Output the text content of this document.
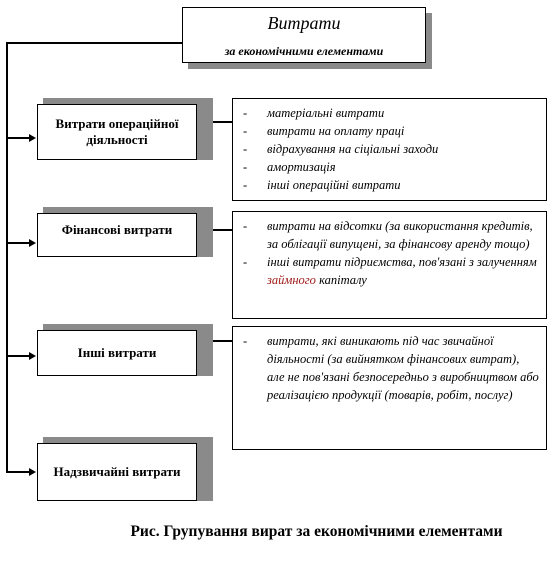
Витрати
за економічними елементами
Витрати операційної діяльності
Фінансові витрати
Інші витрати
Надзвичайні витрати
- матеріальні витрати
- витрати на оплату праці
- відрахування на сіціальні заходи
- амортизація
- інші операційні витрати
- витрати на відсотки (за використання кредитів, за облігації випущені, за фінансову аренду тощо)
- інші витрати підриємства, пов'язані з залученням займного капіталу
- витрати, які виникають під час звичайної діяльності (за вийнятком фінансових витрат), але не пов'язані безпосередньо з виробництвом або реалізацією продукції (товарів, робіт, послуг)
Рис. Групування вират за економічними елементами
